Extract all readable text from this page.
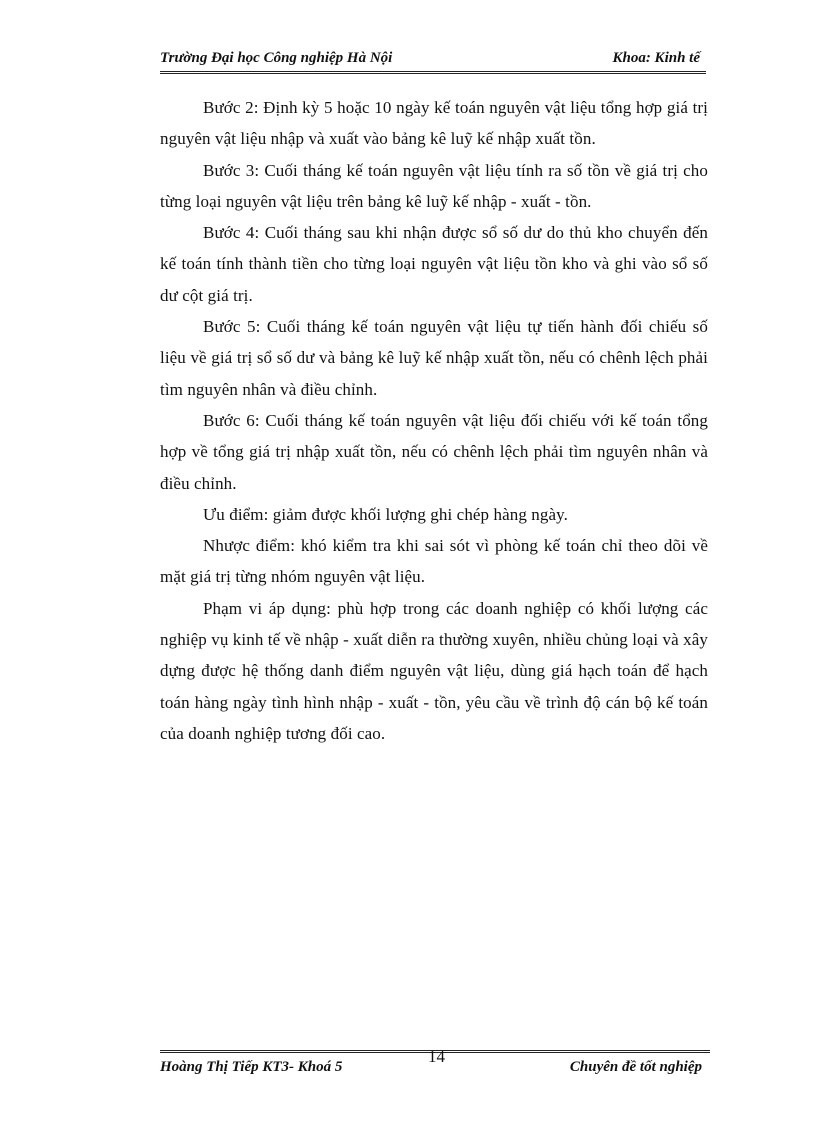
Trường Đại học Công nghiệp Hà Nội	Khoa: Kinh tế

Bước 2: Định kỳ 5 hoặc 10 ngày kế toán nguyên vật liệu tổng hợp giá trị nguyên vật liệu nhập và xuất vào bảng kê luỹ kế nhập xuất tồn.

Bước 3: Cuối tháng kế toán nguyên vật liệu tính ra số tồn về giá trị cho từng loại nguyên vật liệu trên bảng kê luỹ kế nhập - xuất - tồn.

Bước 4: Cuối tháng sau khi nhận được sổ số dư do thủ kho chuyển đến kế toán tính thành tiền cho từng loại nguyên vật liệu tồn kho và ghi vào sổ số dư cột giá trị.

Bước 5: Cuối tháng kế toán nguyên vật liệu tự tiến hành đối chiếu số liệu về giá trị sổ số dư và bảng kê luỹ kế nhập xuất tồn, nếu có chênh lệch phải tìm nguyên nhân và điều chỉnh.

Bước 6: Cuối tháng kế toán nguyên vật liệu đối chiếu với kế toán tổng hợp về tổng giá trị nhập xuất tồn, nếu có chênh lệch phải tìm nguyên nhân và điều chỉnh.

Ưu điểm: giảm được khối lượng ghi chép hàng ngày.

Nhược điểm: khó kiểm tra khi sai sót vì phòng kế toán chỉ theo dõi về mặt giá trị từng nhóm nguyên vật liệu.

Phạm vi áp dụng: phù hợp trong các doanh nghiệp có khối lượng các nghiệp vụ kinh tế về nhập - xuất diễn ra thường xuyên, nhiều chủng loại và xây dựng được hệ thống danh điểm nguyên vật liệu, dùng giá hạch toán để hạch toán hàng ngày tình hình nhập - xuất - tồn, yêu cầu về trình độ cán bộ kế toán của doanh nghiệp tương đối cao.

Hoàng Thị Tiếp KT3- Khoá 5
14
Chuyên đề tốt nghiệp
